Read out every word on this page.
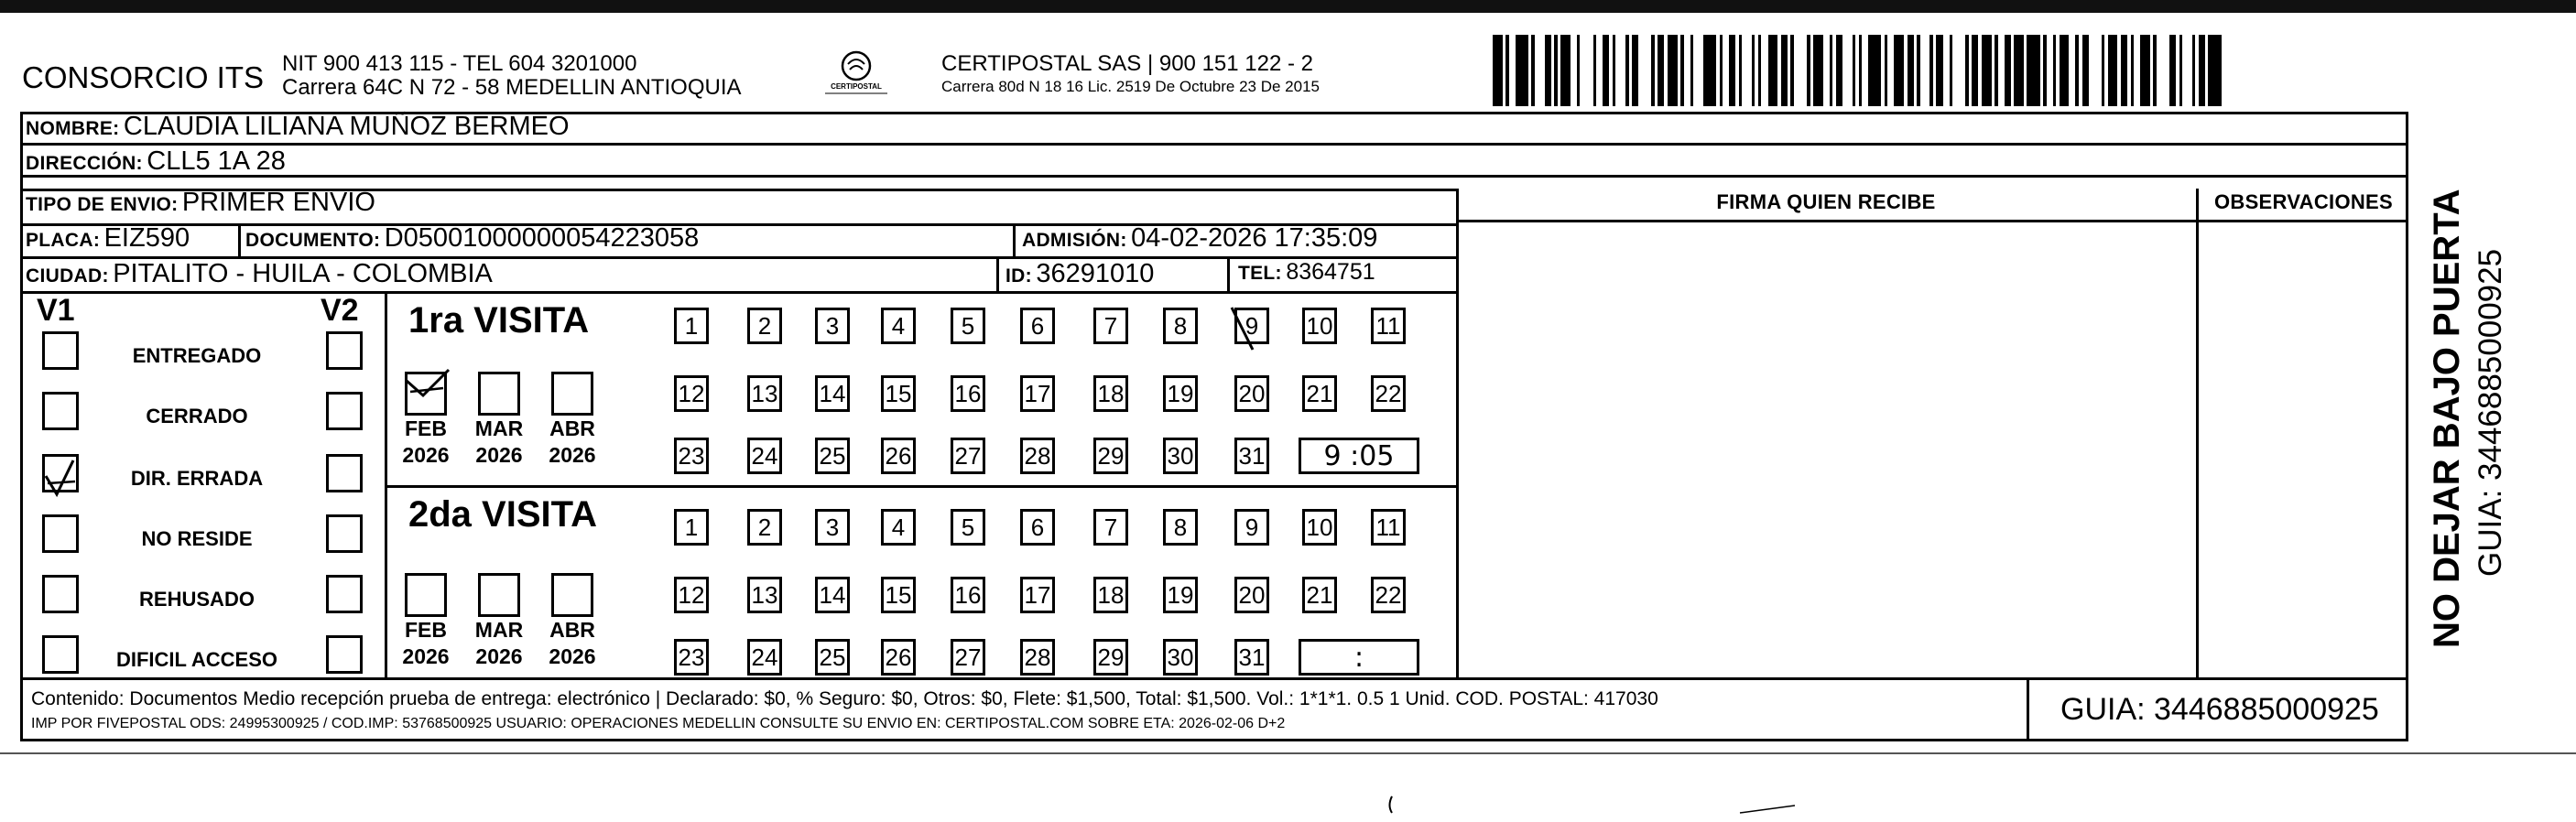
CONSORCIO ITS NIT 900 413 115 - TEL 604 3201000
Carrera 64C N 72 - 58 MEDELLIN ANTIOQUIA	CERTIPOSTAL
CERTIPOSTAL SAS | 900 151 122 - 2
Carrera 80d N 18 16 Lic. 2519 De Octubre 23 De 2015
NOMBRE: CLAUDIA LILIANA MUÑOZ BERMEO
DIRECCIÓN: CLL5 1A 28
TIPO DE ENVIO: PRIMER ENVIO
PLACA: EIZ590	DOCUMENTO: D05001000000054223058	ADMISIÓN: 04-02-2026 17:35:09
CIUDAD: PITALITO - HUILA - COLOMBIA	ID: 36291010	TEL: 8364751
FIRMA QUIEN RECIBE	OBSERVACIONES
V1	V2
ENTREGADO
CERRADO
DIR. ERRADA
NO RESIDE
REHUSADO
DIFICIL ACCESO
1ra VISITA
2da VISITA
1	2	3	4	5	6	7	8	9	10 11
12 13 14 15 16 17 18 19 20 21 22
23 24 25 26 27 28 29 30 31	9 :05
FEB
2026
MAR
2026
ABR
2026
1	2	3	4	5	6	7	8	9	10 11
12 13 14 15 16 17 18 19 20 21 22
23 24 25 26 27 28 29 30 31	:
FEB
2026
MAR
2026
ABR
2026
Contenido: Documentos Medio recepción prueba de entrega: electrónico | Declarado: $0, % Seguro: $0, Otros: $0, Flete: $1,500, Total: $1,500. Vol.: 1*1*1. 0.5 1 Unid. COD. POSTAL: 417030
IMP POR FIVEPOSTAL ODS: 24995300925 / COD.IMP: 53768500925 USUARIO: OPERACIONES MEDELLIN CONSULTE SU ENVIO EN: CERTIPOSTAL.COM SOBRE ETA: 2026-02-06 D+2	GUIA: 3446885000925
NO DEJAR BAJO PUERTA GUIA: 3446885000925
